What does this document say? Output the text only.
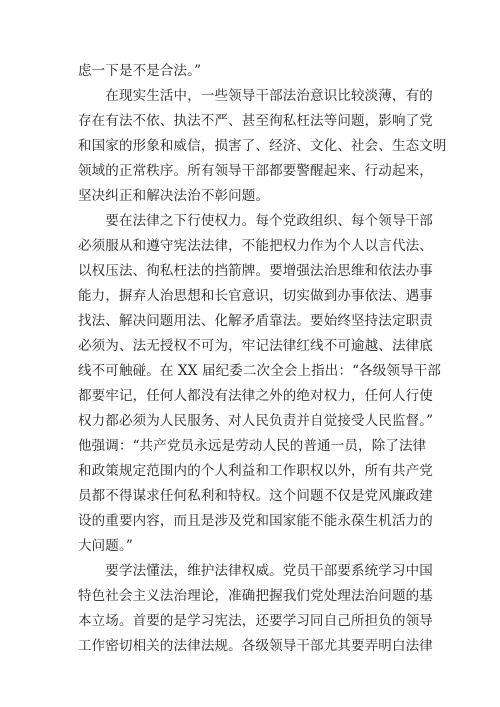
虑一下是不是合法。”

　　在现实生活中，一些领导干部法治意识比较淡薄，有的

存在有法不依、执法不严、甚至徇私枉法等问题，影响了党

和国家的形象和威信，损害了、经济、文化、社会、生态文明

领域的正常秩序。所有领导干部都要警醒起来、行动起来，

坚决纠正和解决法治不彰问题。

　　要在法律之下行使权力。每个党政组织、每个领导干部

必须服从和遵守宪法法律，不能把权力作为个人以言代法、

以权压法、徇私枉法的挡箭牌。要增强法治思维和依法办事

能力，摒弃人治思想和长官意识，切实做到办事依法、遇事

找法、解决问题用法、化解矛盾靠法。要始终坚持法定职责

必须为、法无授权不可为，牢记法律红线不可逾越、法律底

线不可触碰。在 XX 届纪委二次全会上指出：“各级领导干部

都要牢记，任何人都没有法律之外的绝对权力，任何人行使

权力都必须为人民服务、对人民负责并自觉接受人民监督。”

他强调：“共产党员永远是劳动人民的普通一员，除了法律

和政策规定范围内的个人利益和工作职权以外，所有共产党

员都不得谋求任何私利和特权。这个问题不仅是党风廉政建

设的重要内容，而且是涉及党和国家能不能永葆生机活力的

大问题。”

　　要学法懂法，维护法律权威。党员干部要系统学习中国

特色社会主义法治理论，准确把握我们党处理法治问题的基

本立场。首要的是学习宪法，还要学习同自己所担负的领导

工作密切相关的法律法规。各级领导干部尤其要弄明白法律
